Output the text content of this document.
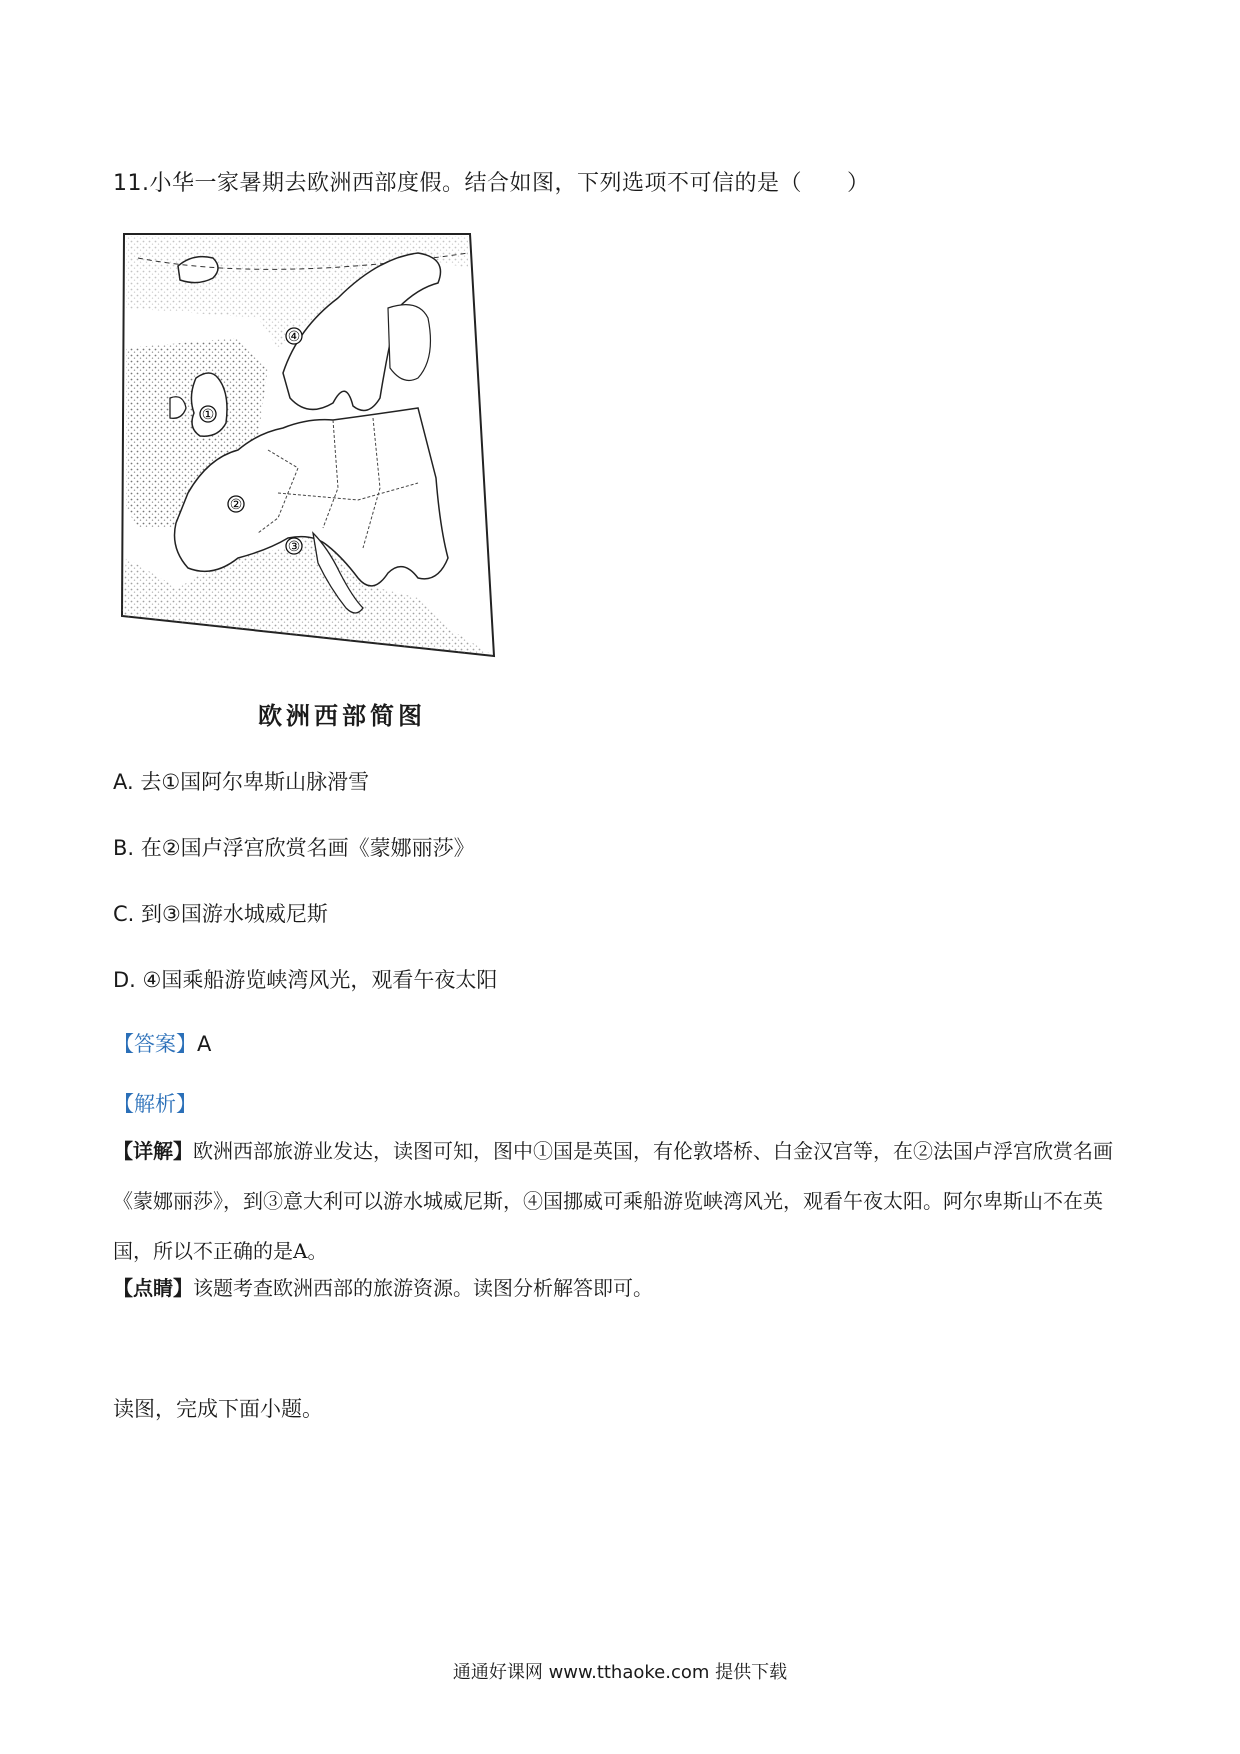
11.小华一家暑期去欧洲西部度假。结合如图，下列选项不可信的是（　　）
①
②
③
④
欧洲西部简图
A. 去①国阿尔卑斯山脉滑雪
B. 在②国卢浮宫欣赏名画《蒙娜丽莎》
C. 到③国游水城威尼斯
D. ④国乘船游览峡湾风光，观看午夜太阳
【答案】A
【解析】
【详解】欧洲西部旅游业发达，读图可知，图中①国是英国，有伦敦塔桥、白金汉宫等，在②法国卢浮宫欣赏名画《蒙娜丽莎》，到③意大利可以游水城威尼斯，④国挪威可乘船游览峡湾风光，观看午夜太阳。阿尔卑斯山不在英国，所以不正确的是A。
【点睛】该题考查欧洲西部的旅游资源。读图分析解答即可。
读图，完成下面小题。
通通好课网 www.tthaoke.com 提供下载
